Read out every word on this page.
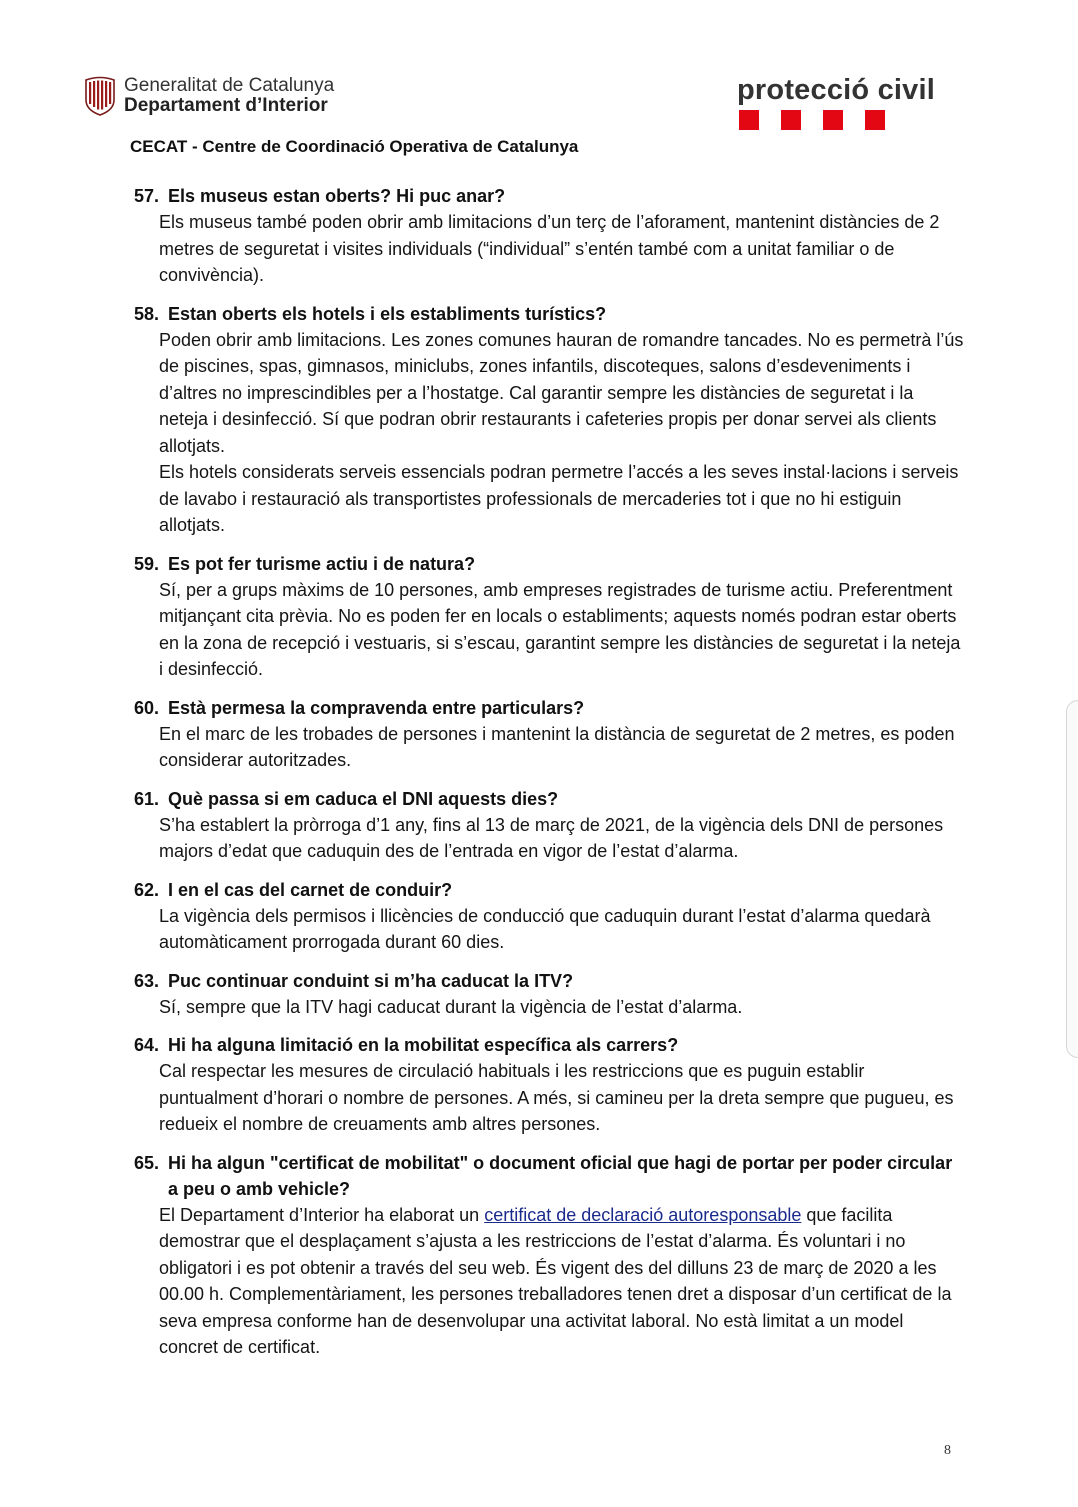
Generalitat de Catalunya
Departament d’Interior	protecció civil
CECAT - Centre de Coordinació Operativa de Catalunya
57. Els museus estan oberts? Hi puc anar?
Els museus també poden obrir amb limitacions d’un terç de l’aforament, mantenint distàncies de 2 metres de seguretat i visites individuals (“individual” s’entén també com a unitat familiar o de convivència).
58. Estan oberts els hotels i els establiments turístics?
Poden obrir amb limitacions. Les zones comunes hauran de romandre tancades. No es permetrà l’ús de piscines, spas, gimnasos, miniclubs, zones infantils, discoteques, salons d’esdeveniments i d’altres no imprescindibles per a l’hostatge. Cal garantir sempre les distàncies de seguretat i la neteja i desinfecció. Sí que podran obrir restaurants i cafeteries propis per donar servei als clients allotjats.
Els hotels considerats serveis essencials podran permetre l’accés a les seves instal·lacions i serveis de lavabo i restauració als transportistes professionals de mercaderies tot i que no hi estiguin allotjats.
59. Es pot fer turisme actiu i de natura?
Sí, per a grups màxims de 10 persones, amb empreses registrades de turisme actiu. Preferentment mitjançant cita prèvia. No es poden fer en locals o establiments; aquests només podran estar oberts en la zona de recepció i vestuaris, si s’escau, garantint sempre les distàncies de seguretat i la neteja i desinfecció.
60. Està permesa la compravenda entre particulars?
En el marc de les trobades de persones i mantenint la distància de seguretat de 2 metres, es poden considerar autoritzades.
61. Què passa si em caduca el DNI aquests dies?
S’ha establert la pròrroga d’1 any, fins al 13 de març de 2021, de la vigència dels DNI de persones majors d’edat que caduquin des de l’entrada en vigor de l’estat d’alarma.
62. I en el cas del carnet de conduir?
La vigència dels permisos i llicències de conducció que caduquin durant l’estat d’alarma quedarà automàticament prorrogada durant 60 dies.
63. Puc continuar conduint si m’ha caducat la ITV?
Sí, sempre que la ITV hagi caducat durant la vigència de l’estat d’alarma.
64. Hi ha alguna limitació en la mobilitat específica als carrers?
Cal respectar les mesures de circulació habituals i les restriccions que es puguin establir puntualment d’horari o nombre de persones. A més, si camineu per la dreta sempre que pugueu, es redueix el nombre de creuaments amb altres persones.
65. Hi ha algun "certificat de mobilitat" o document oficial que hagi de portar per poder circular a peu o amb vehicle?
El Departament d’Interior ha elaborat un certificat de declaració autoresponsable que facilita demostrar que el desplaçament s’ajusta a les restriccions de l’estat d’alarma. És voluntari i no obligatori i es pot obtenir a través del seu web. És vigent des del dilluns 23 de març de 2020 a les 00.00 h. Complementàriament, les persones treballadores tenen dret a disposar d’un certificat de la seva empresa conforme han de desenvolupar una activitat laboral. No està limitat a un model concret de certificat.
8
